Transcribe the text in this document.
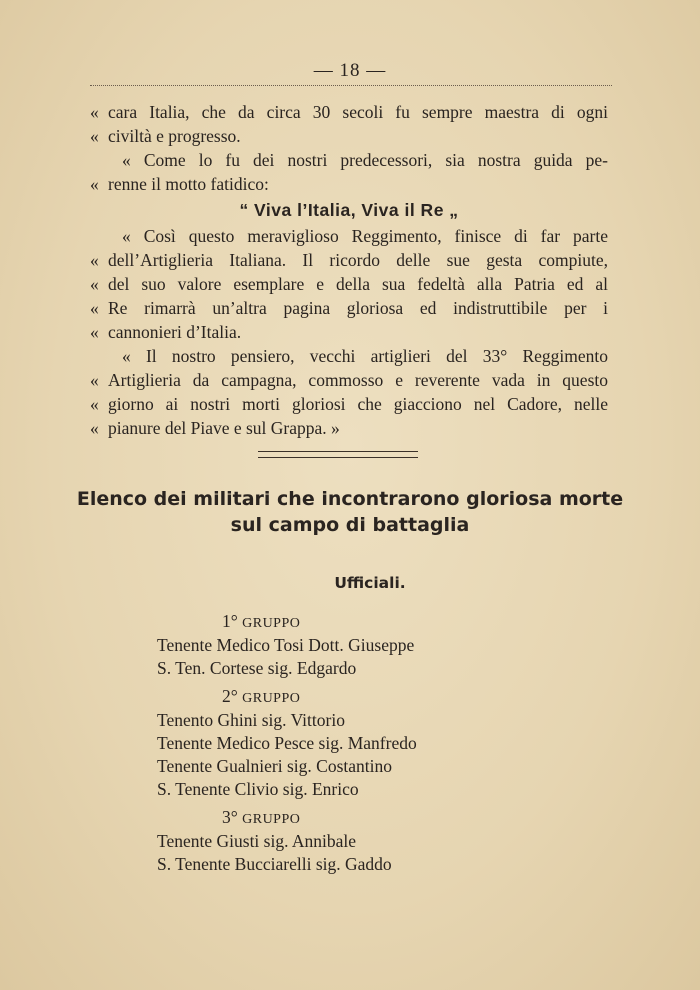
— 18 —
« cara Italia, che da circa 30 secoli fu sempre maestra di ogni
« civiltà e progresso.
« Come lo fu dei nostri predecessori, sia nostra guida pe-
« renne il motto fatidico:
“ Viva l’Italia, Viva il Re „
« Così questo meraviglioso Reggimento, finisce di far parte
« dell’Artiglieria Italiana. Il ricordo delle sue gesta compiute,
« del suo valore esemplare e della sua fedeltà alla Patria ed al
« Re rimarrà un’altra pagina gloriosa ed indistruttibile per i
« cannonieri d’Italia.
« Il nostro pensiero, vecchi artiglieri del 33° Reggimento
« Artiglieria da campagna, commosso e reverente vada in questo
« giorno ai nostri morti gloriosi che giacciono nel Cadore, nelle
« pianure del Piave e sul Grappa. »
Elenco dei militari che incontrarono gloriosa morte
sul campo di battaglia
Ufficiali.
1° GRUPPO
Tenente Medico Tosi Dott. Giuseppe
S. Ten. Cortese sig. Edgardo
2° GRUPPO
Tenento Ghini sig. Vittorio
Tenente Medico Pesce sig. Manfredo
Tenente Gualnieri sig. Costantino
S. Tenente Clivio sig. Enrico
3° GRUPPO
Tenente Giusti sig. Annibale
S. Tenente Bucciarelli sig. Gaddo
